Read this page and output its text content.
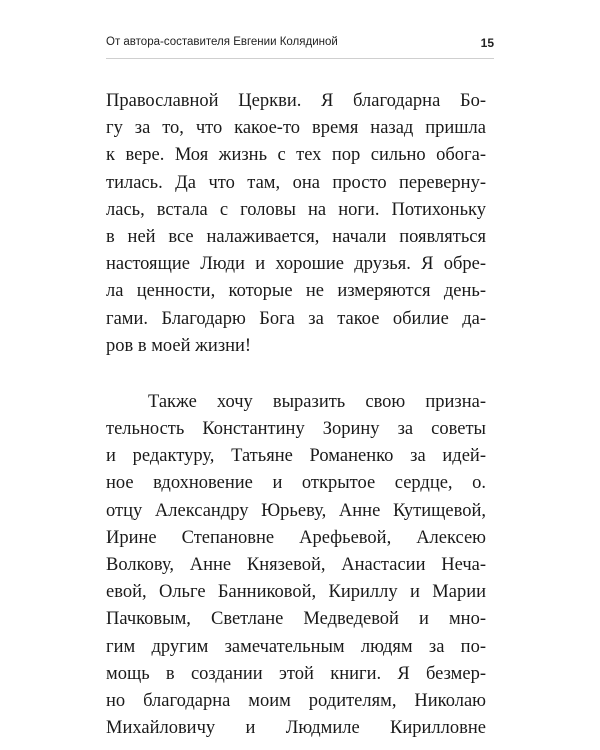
От автора-составителя Евгении Колядиной	15
Православной Церкви. Я благодарна Бо-
гу за то, что какое-то время назад пришла
к вере. Моя жизнь с тех пор сильно обога-
тилась. Да что там, она просто переверну-
лась, встала с головы на ноги. Потихоньку
в ней все налаживается, начали появляться
настоящие Люди и хорошие друзья. Я обре-
ла ценности, которые не измеряются день-
гами. Благодарю Бога за такое обилие да-
ров в моей жизни!
Также хочу выразить свою призна-
тельность Константину Зорину за советы
и редактуру, Татьяне Романенко за идей-
ное вдохновение и открытое сердце, о.
отцу Александру Юрьеву, Анне Кутищевой,
Ирине Степановне Арефьевой, Алексею
Волкову, Анне Князевой, Анастасии Неча-
евой, Ольге Банниковой, Кириллу и Марии
Пачковым, Светлане Медведевой и мно-
гим другим замечательным людям за по-
мощь в создании этой книги. Я безмер-
но благодарна моим родителям, Николаю
Михайловичу и Людмиле Кирилловне
